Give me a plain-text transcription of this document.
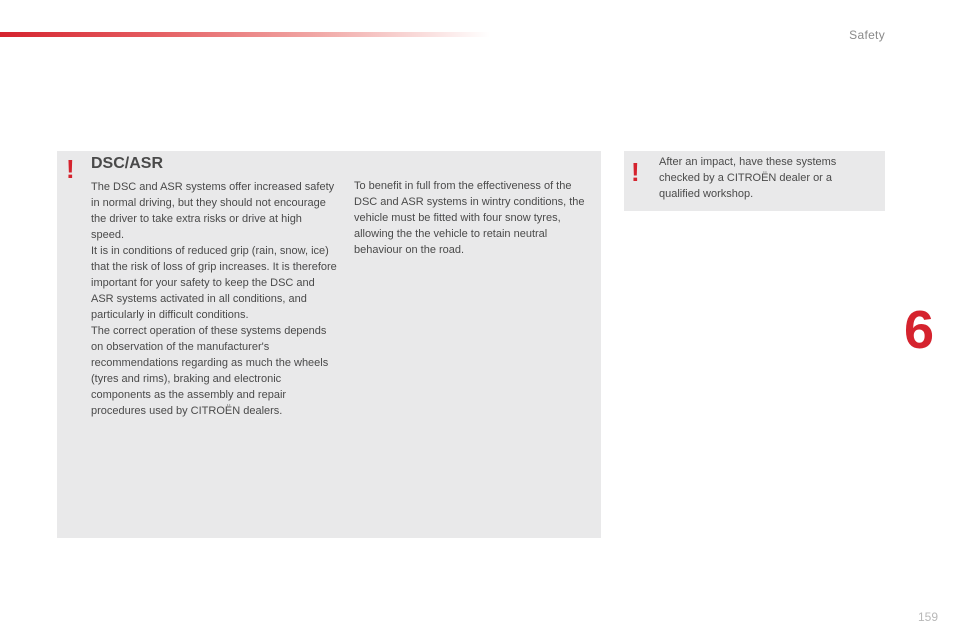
Safety
! DSC/ASR

The DSC and ASR systems offer increased safety in normal driving, but they should not encourage the driver to take extra risks or drive at high speed.

It is in conditions of reduced grip (rain, snow, ice) that the risk of loss of grip increases. It is therefore important for your safety to keep the DSC and ASR systems activated in all conditions, and particularly in difficult conditions.

The correct operation of these systems depends on observation of the manufacturer's recommendations regarding as much the wheels (tyres and rims), braking and electronic components as the assembly and repair procedures used by CITROËN dealers.

To benefit in full from the effectiveness of the DSC and ASR systems in wintry conditions, the vehicle must be fitted with four snow tyres, allowing the the vehicle to retain neutral behaviour on the road.

! After an impact, have these systems checked by a CITROËN dealer or a qualified workshop.
6
159
